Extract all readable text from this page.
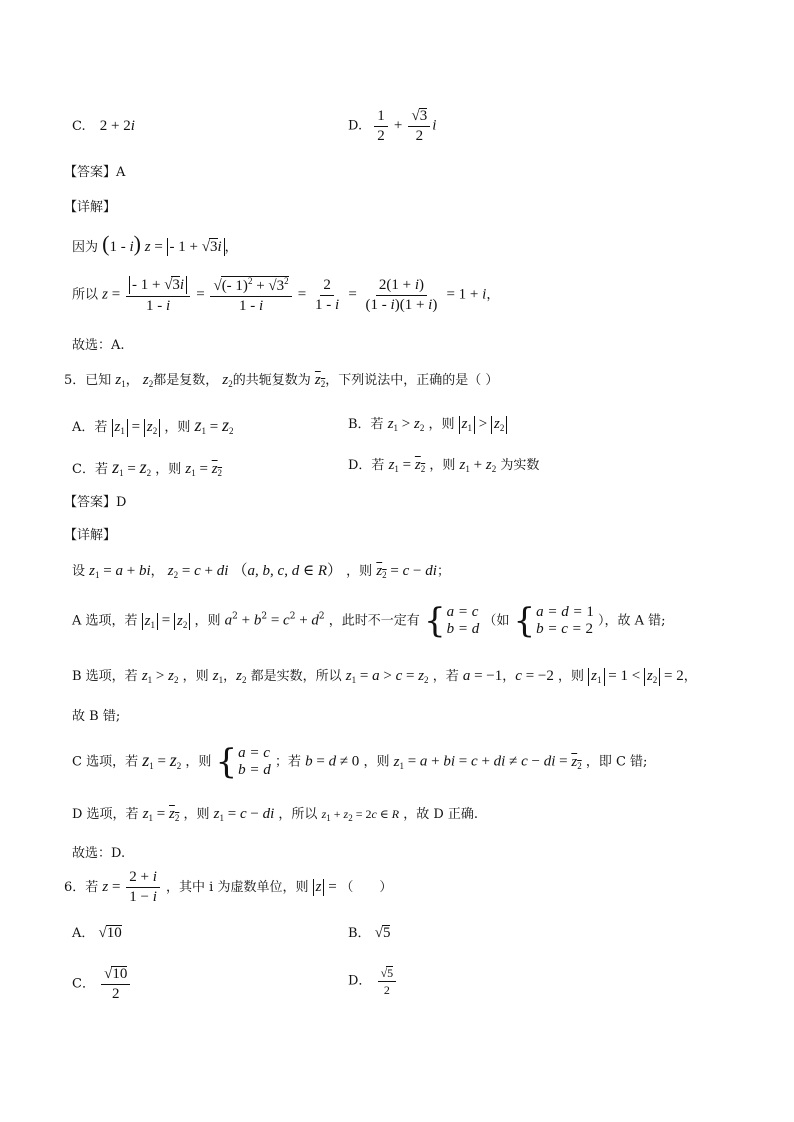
C. 2 + 2i	D. $\frac{1}{2} + \frac{√3}{2}$ i
【答案】A
【详解】
因为 (1 - i) z = - 1 + √3i ，
所以 $z = \frac{- 1 + √3i}{1 - i} = \frac{√(- 1)^2 + √3^2}{1 - i} = \frac{2}{1 - i} = \frac{2(1 + i)}{(1 - i)(1 + i)} = 1 + i$，
故选：A.
5．已知 $z_1$， $z_2$都是复数， $z_2$的共轭复数为 $z_2$，下列说法中，正确的是（ ）
A．若 $z_1 = z_2$ ，则 $z_1 = z_2$	B．若 $z_1 > z_2$ ，则 $z_1 > z_2$
C．若 $z_1 = z_2$ ，则 $z_1 = z_2$	D．若 $z_1 = z_2$ ，则 $z_1 + z_2$ 为实数
【答案】D
【详解】
设 $z_1 = a$ + bi， $z_2 = c$ + di （a, b, c, d ∈ R） ，则 $z_2 = c$ − di；
A 选项，若 $z_1 = z_2$ ，则 $a^2 + b^2 = c^2 + d^2$ ，此时不一定有 { a = c
b = d （如 { a = d = 1
b = c = 2 ），故 A 错;
B 选项，若 $z_1 > z_2$ ，则 $z_1$，$z_2$ 都是实数，所以 $z_1 = a > c = z_2$ ，若 a = −1，c = −2 ，则 $z_1 = 1 < z_2 = 2$，
故 B 错;
C 选项，若 $z_1 = z_2$ ，则 { a = c
b = d ；若 b = d ≠ 0 ，则 $z_1 = a$ + bi = c + di ≠ c − di = $z_2$ ，即 C 错;
D 选项，若 $z_1 = z_2$ ，则 $z_1 = c$ − di ，所以 $z_1 + z_2 = 2c$ ∈ R ，故 D 正确.
故选：D.
6．若 $z = \frac{2 + i}{1 - i}$ ，其中 i 为虚数单位，则 z = （　　）
A． √10	B． √5
C． $\frac{√10}{2}$	D． $\frac{√5}{2}$
